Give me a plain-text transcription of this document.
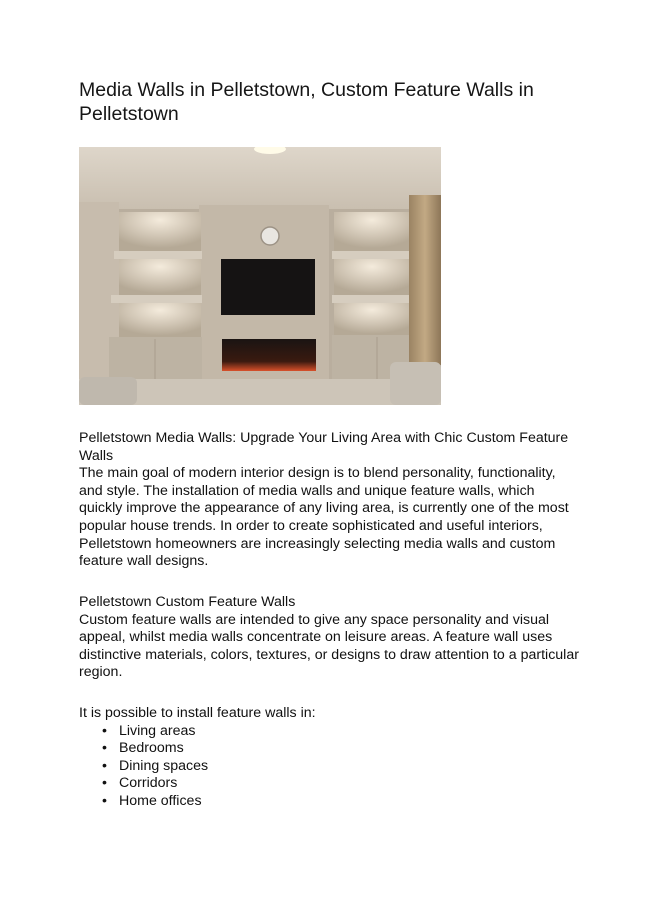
Media Walls in Pelletstown, Custom Feature Walls in Pelletstown

Pelletstown Media Walls: Upgrade Your Living Area with Chic Custom Feature Walls

The main goal of modern interior design is to blend personality, functionality, and style. The installation of media walls and unique feature walls, which quickly improve the appearance of any living area, is currently one of the most popular house trends. In order to create sophisticated and useful interiors, Pelletstown homeowners are increasingly selecting media walls and custom feature wall designs.

Pelletstown Custom Feature Walls

Custom feature walls are intended to give any space personality and visual appeal, whilst media walls concentrate on leisure areas. A feature wall uses distinctive materials, colors, textures, or designs to draw attention to a particular region.

It is possible to install feature walls in:

• Living areas
• Bedrooms
• Dining spaces
• Corridors
• Home offices
